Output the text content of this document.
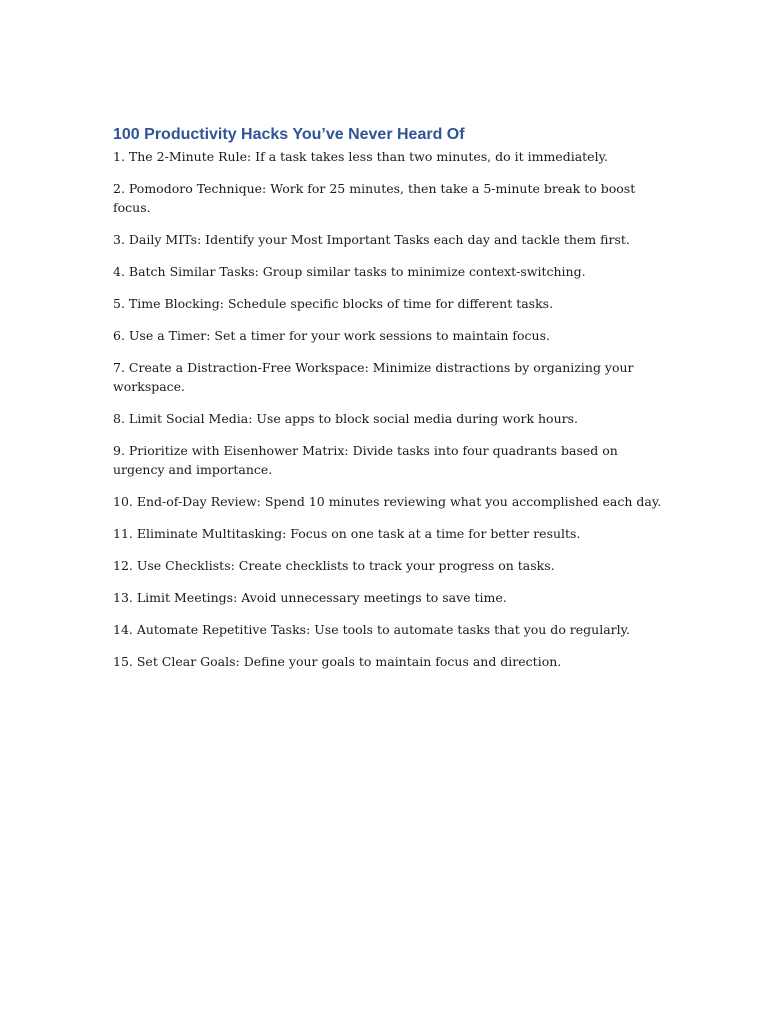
100 Productivity Hacks You’ve Never Heard Of
1. The 2-Minute Rule: If a task takes less than two minutes, do it immediately.
2. Pomodoro Technique: Work for 25 minutes, then take a 5-minute break to boost focus.
3. Daily MITs: Identify your Most Important Tasks each day and tackle them first.
4. Batch Similar Tasks: Group similar tasks to minimize context-switching.
5. Time Blocking: Schedule specific blocks of time for different tasks.
6. Use a Timer: Set a timer for your work sessions to maintain focus.
7. Create a Distraction-Free Workspace: Minimize distractions by organizing your workspace.
8. Limit Social Media: Use apps to block social media during work hours.
9. Prioritize with Eisenhower Matrix: Divide tasks into four quadrants based on urgency and importance.
10. End-of-Day Review: Spend 10 minutes reviewing what you accomplished each day.
11. Eliminate Multitasking: Focus on one task at a time for better results.
12. Use Checklists: Create checklists to track your progress on tasks.
13. Limit Meetings: Avoid unnecessary meetings to save time.
14. Automate Repetitive Tasks: Use tools to automate tasks that you do regularly.
15. Set Clear Goals: Define your goals to maintain focus and direction.
